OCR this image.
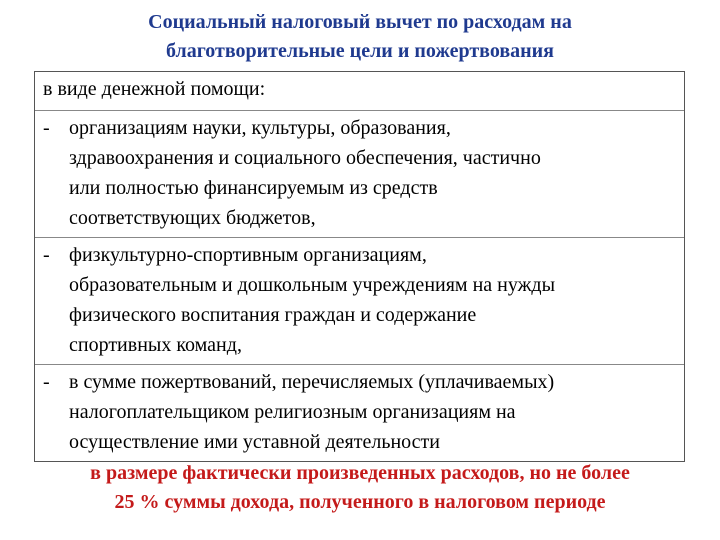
Социальный налоговый вычет по расходам на
благотворительные цели и пожертвования
в виде денежной помощи:
- организациям науки, культуры, образования,
здравоохранения и социального обеспечения, частично
или полностью финансируемым из средств
соответствующих бюджетов,
- физкультурно-спортивным организациям,
образовательным и дошкольным учреждениям на нужды
физического воспитания граждан и содержание
спортивных команд,
- в сумме пожертвований, перечисляемых (уплачиваемых)
налогоплательщиком религиозным организациям на
осуществление ими уставной деятельности
в размере фактически произведенных расходов, но не более
25 % суммы дохода, полученного в налоговом периоде
